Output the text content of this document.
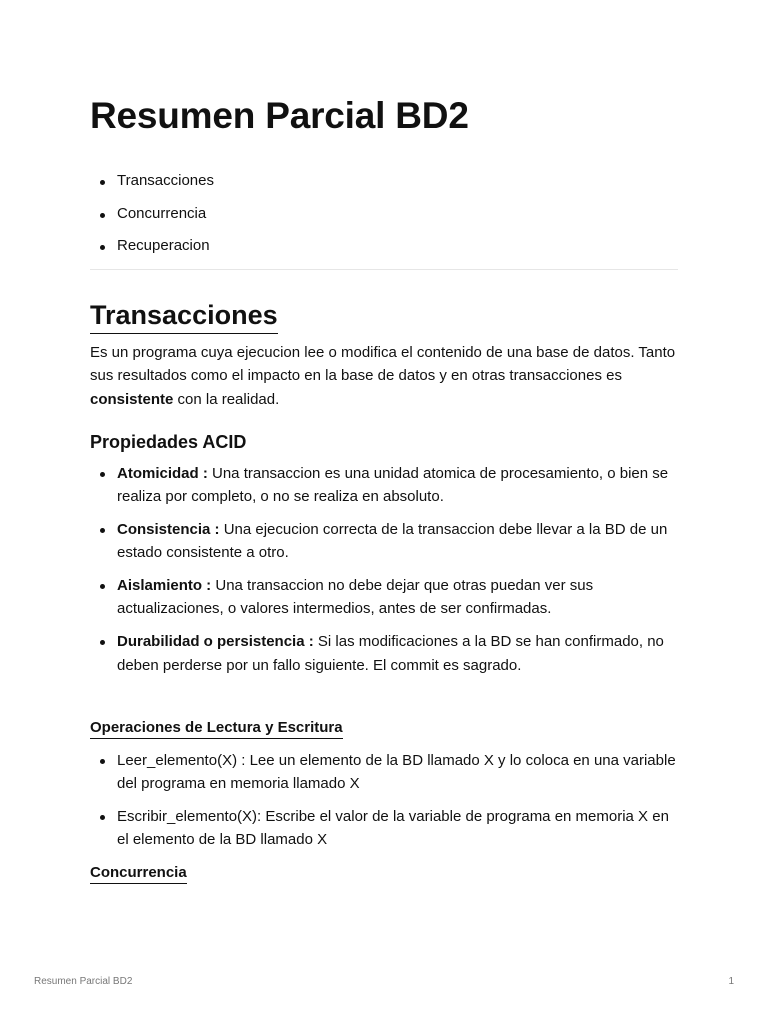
Resumen Parcial BD2
Transacciones
Concurrencia
Recuperacion
Transacciones

Es un programa cuya ejecucion lee o modifica el contenido de una base de datos. Tanto sus resultados como el impacto en la base de datos y en otras transacciones es consistente con la realidad.

Propiedades ACID
Atomicidad : Una transaccion es una unidad atomica de procesamiento, o bien se realiza por completo, o no se realiza en absoluto.
Consistencia : Una ejecucion correcta de la transaccion debe llevar a la BD de un estado consistente a otro.
Aislamiento : Una transaccion no debe dejar que otras puedan ver sus actualizaciones, o valores intermedios, antes de ser confirmadas.
Durabilidad o persistencia : Si las modificaciones a la BD se han confirmado, no deben perderse por un fallo siguiente. El commit es sagrado.
Operaciones de Lectura y Escritura
Leer_elemento(X) : Lee un elemento de la BD llamado X y lo coloca en una variable del programa en memoria llamado X
Escribir_elemento(X): Escribe el valor de la variable de programa en memoria X en el elemento de la BD llamado X
Concurrencia
Resumen Parcial BD2	1
